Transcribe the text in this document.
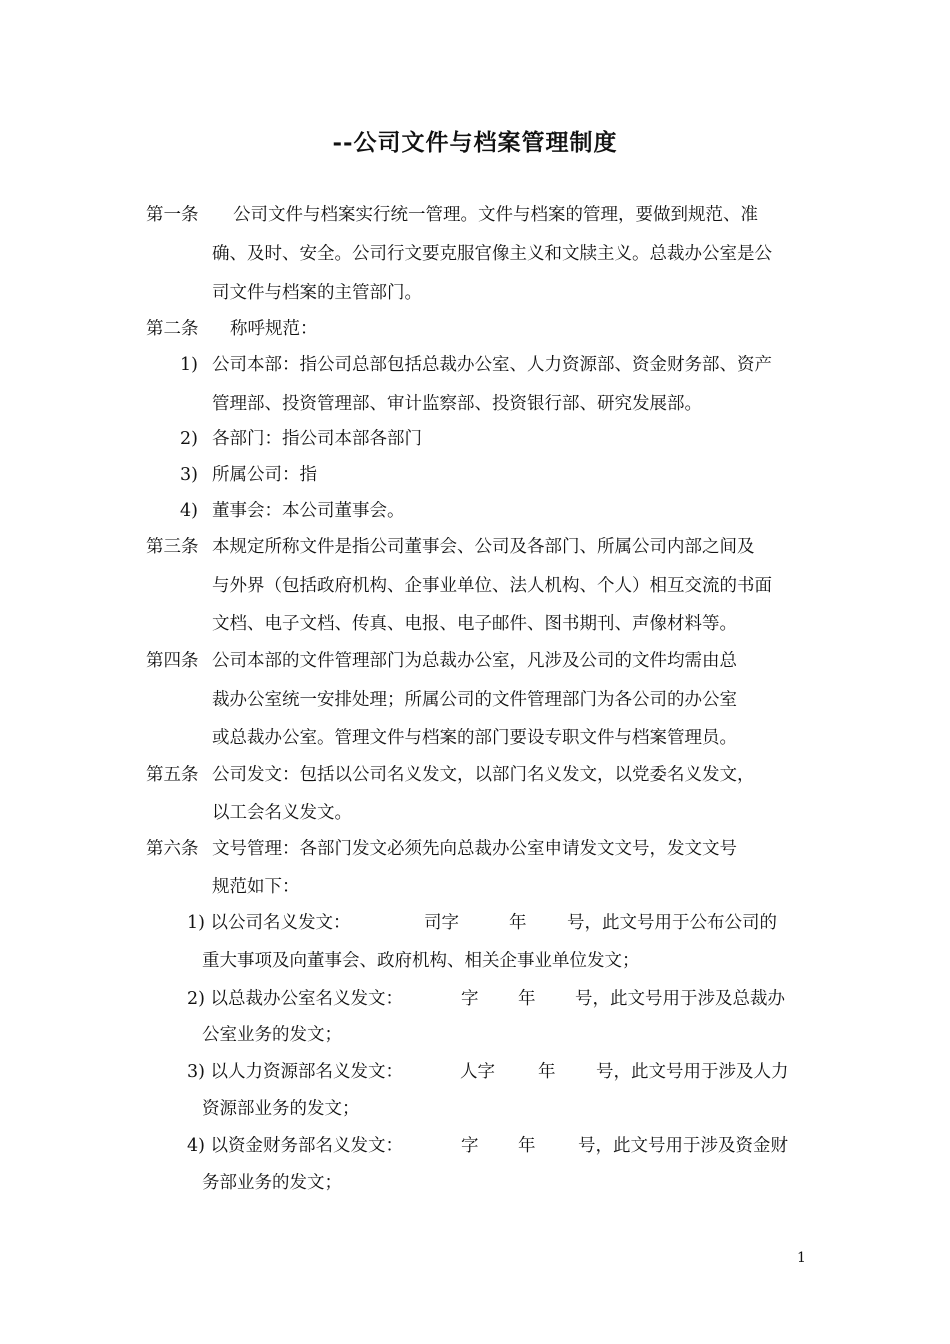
--公司文件与档案管理制度
第一条 公司文件与档案实行统一管理。文件与档案的管理，要做到规范、准
确、及时、安全。公司行文要克服官像主义和文牍主义。总裁办公室是公
司文件与档案的主管部门。
第二条 称呼规范：
1) 公司本部：指公司总部包括总裁办公室、人力资源部、资金财务部、资产
管理部、投资管理部、审计监察部、投资银行部、研究发展部。
2) 各部门：指公司本部各部门
3) 所属公司：指
4) 董事会：本公司董事会。
第三条 本规定所称文件是指公司董事会、公司及各部门、所属公司内部之间及
与外界（包括政府机构、企事业单位、法人机构、个人）相互交流的书面
文档、电子文档、传真、电报、电子邮件、图书期刊、声像材料等。
第四条 公司本部的文件管理部门为总裁办公室，凡涉及公司的文件均需由总
裁办公室统一安排处理；所属公司的文件管理部门为各公司的办公室
或总裁办公室。管理文件与档案的部门要设专职文件与档案管理员。
第五条 公司发文：包括以公司名义发文，以部门名义发文，以党委名义发文，
以工会名义发文。
第六条 文号管理：各部门发文必须先向总裁办公室申请发文文号，发文文号
规范如下：
1) 以公司名义发文：	司字	年 号，此文号用于公布公司的
重大事项及向董事会、政府机构、相关企事业单位发文；
2) 以总裁办公室名义发文：	字 年 号，此文号用于涉及总裁办
公室业务的发文；
3) 以人力资源部名义发文：	人字 年 号，此文号用于涉及人力
资源部业务的发文；
4) 以资金财务部名义发文：	字 年 号，此文号用于涉及资金财
务部业务的发文；
1
